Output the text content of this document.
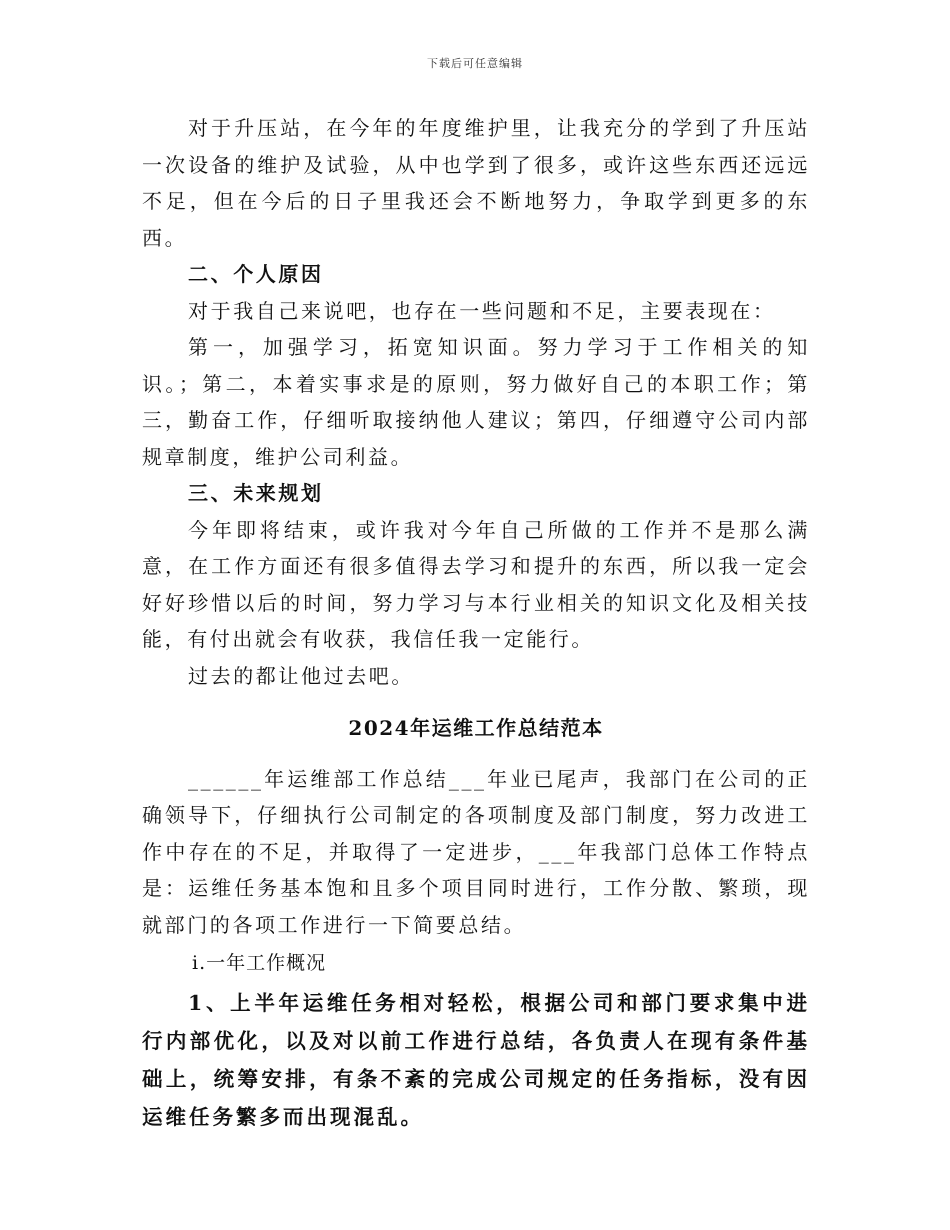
下载后可任意编辑

对于升压站，在今年的年度维护里，让我充分的学到了升压站一次设备的维护及试验，从中也学到了很多，或许这些东西还远远不足，但在今后的日子里我还会不断地努力，争取学到更多的东西。

二、个人原因

对于我自己来说吧，也存在一些问题和不足，主要表现在：

第一，加强学习，拓宽知识面。努力学习于工作相关的知识。；第二，本着实事求是的原则，努力做好自己的本职工作；第三，勤奋工作，仔细听取接纳他人建议；第四，仔细遵守公司内部规章制度，维护公司利益。

三、未来规划

今年即将结束，或许我对今年自己所做的工作并不是那么满意，在工作方面还有很多值得去学习和提升的东西，所以我一定会好好珍惜以后的时间，努力学习与本行业相关的知识文化及相关技能，有付出就会有收获，我信任我一定能行。

过去的都让他过去吧。

2024年运维工作总结范本

______年运维部工作总结___年业已尾声，我部门在公司的正确领导下，仔细执行公司制定的各项制度及部门制度，努力改进工作中存在的不足，并取得了一定进步，___年我部门总体工作特点是：运维任务基本饱和且多个项目同时进行，工作分散、繁琐，现就部门的各项工作进行一下简要总结。

ⅰ.一年工作概况

1、上半年运维任务相对轻松，根据公司和部门要求集中进行内部优化，以及对以前工作进行总结，各负责人在现有条件基础上，统筹安排，有条不紊的完成公司规定的任务指标，没有因运维任务繁多而出现混乱。
